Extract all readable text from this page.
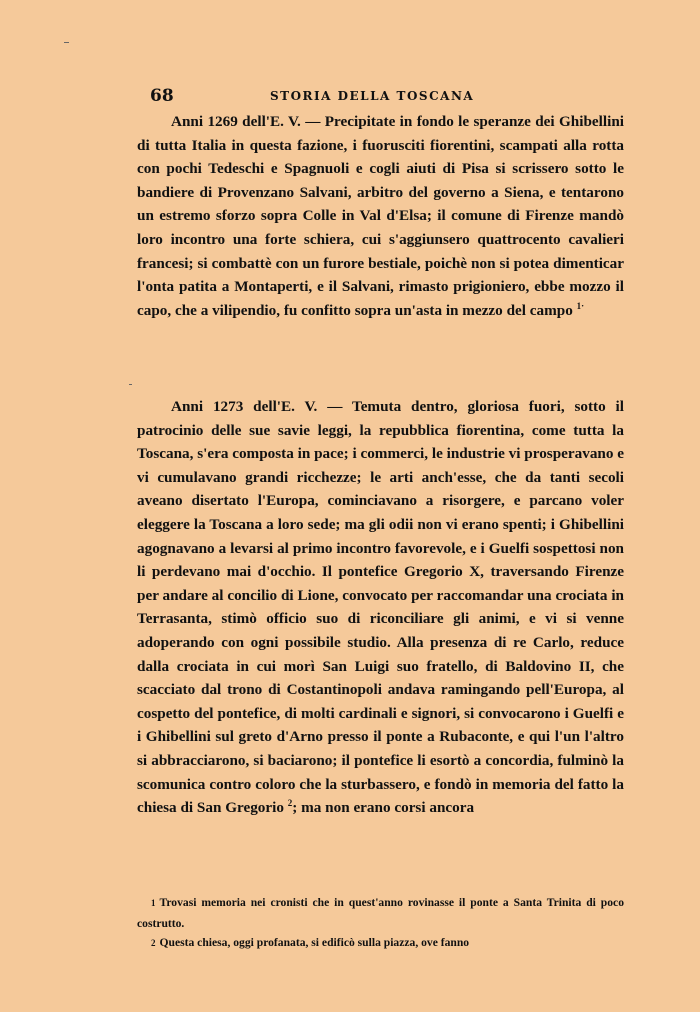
68	STORIA DELLA TOSCANA

Anni 1269 dell'E. V. — Precipitate in fondo le speranze dei Ghibellini di tutta Italia in questa fazione, i fuorusciti fiorentini, scampati alla rotta con pochi Tedeschi e Spagnuoli e cogli aiuti di Pisa si scrissero sotto le bandiere di Provenzano Salvani, arbitro del governo a Siena, e tentarono un estremo sforzo sopra Colle in Val d'Elsa; il comune di Firenze mandò loro incontro una forte schiera, cui s'aggiunsero quattrocento cavalieri francesi; si combattè con un furore bestiale, poichè non si potea dimenticar l'onta patita a Montaperti, e il Salvani, rimasto prigioniero, ebbe mozzo il capo, che a vilipendio, fu confitto sopra un'asta in mezzo del campo $^{1\cdot}$

Anni 1273 dell'E. V. — Temuta dentro, gloriosa fuori, sotto il patrocinio delle sue savie leggi, la repubblica fiorentina, come tutta la Toscana, s'era composta in pace; i commerci, le industrie vi prosperavano e vi cumulavano grandi ricchezze; le arti anch'esse, che da tanti secoli aveano disertato l'Europa, cominciavano a risorgere, e parcano voler eleggere la Toscana a loro sede; ma gli odii non vi erano spenti; i Ghibellini agognavano a levarsi al primo incontro favorevole, e i Guelfi sospettosi non li perdevano mai d'occhio. Il pontefice Gregorio X, traversando Firenze per andare al concilio di Lione, convocato per raccomandar una crociata in Terrasanta, stimò officio suo di riconciliare gli animi, e vi si venne adoperando con ogni possibile studio. Alla presenza di re Carlo, reduce dalla crociata in cui morì San Luigi suo fratello, di Baldovino II, che scacciato dal trono di Costantinopoli andava ramingando pell'Europa, al cospetto del pontefice, di molti cardinali e signori, si convocarono i Guelfi e i Ghibellini sul greto d'Arno presso il ponte a Rubaconte, e qui l'un l'altro si abbracciarono, si baciarono; il pontefice li esortò a concordia, fulminò la scomunica contro coloro che la sturbassero, e fondò in memoria del fatto la chiesa di San Gregorio $^2$; ma non erano corsi ancora

1 Trovasi memoria nei cronisti che in quest'anno rovinasse il ponte a Santa Trinita di poco costrutto.

2 Questa chiesa, oggi profanata, si edificò sulla piazza, ove fanno
